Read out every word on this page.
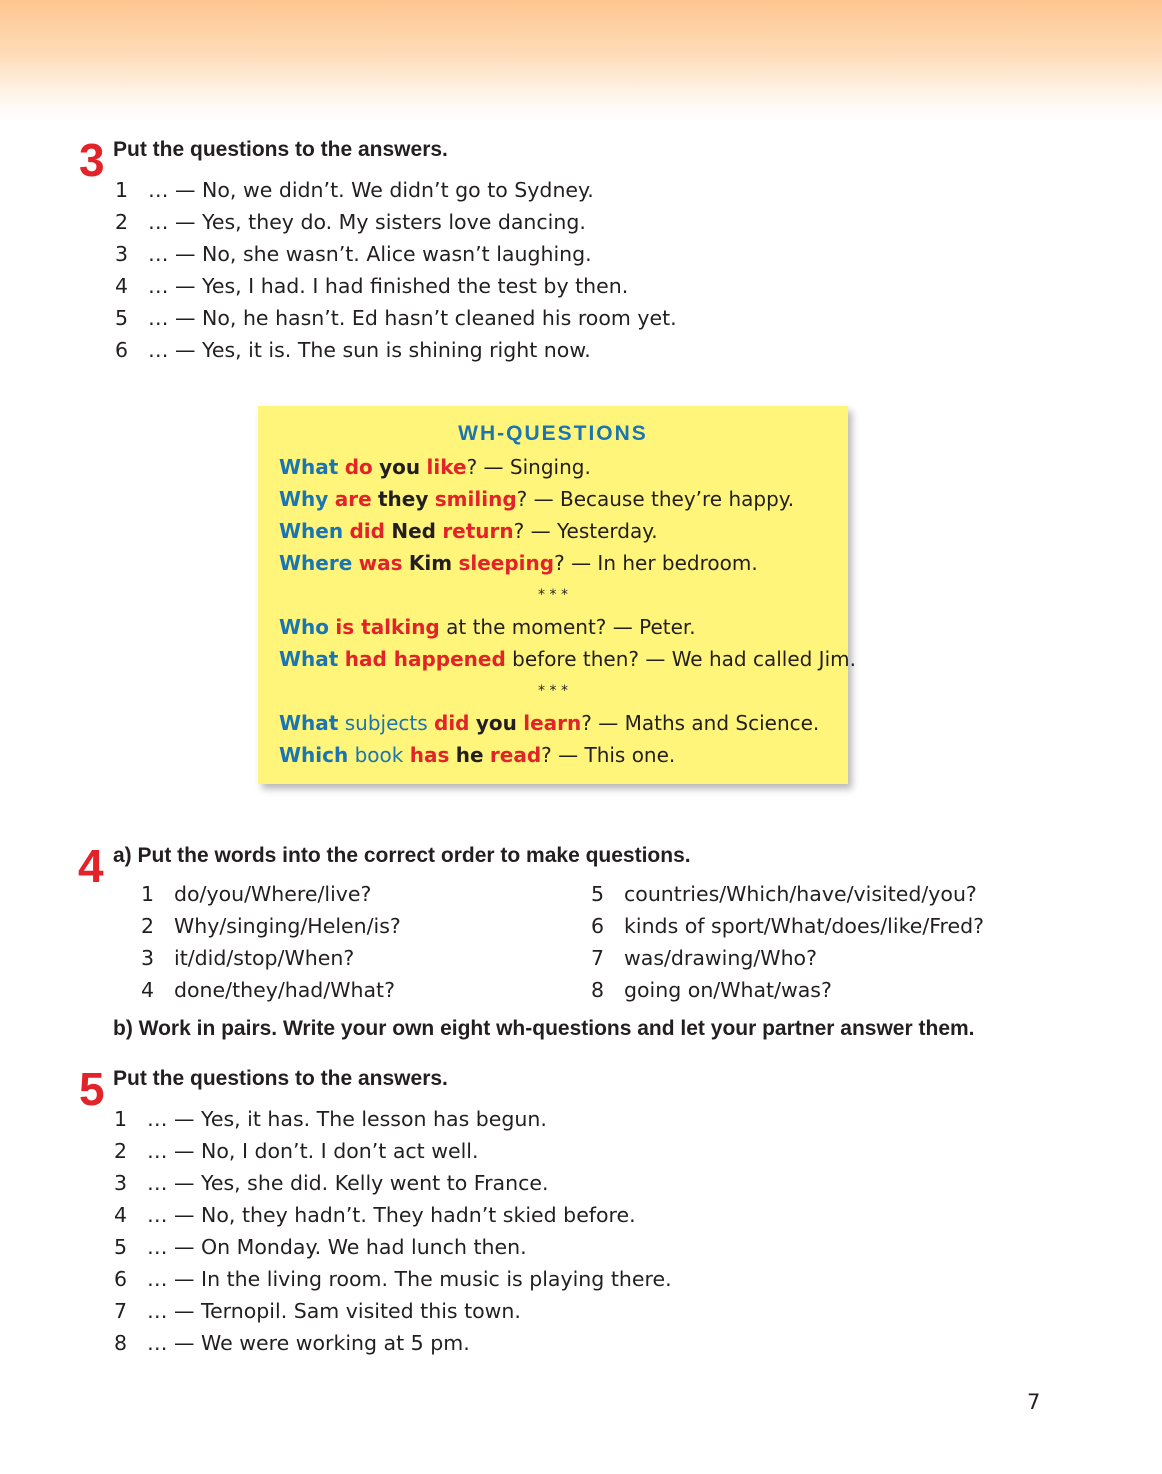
3 Put the questions to the answers.
1 … — No, we didn’t. We didn’t go to Sydney.
2 … — Yes, they do. My sisters love dancing.
3 … — No, she wasn’t. Alice wasn’t laughing.
4 … — Yes, I had. I had finished the test by then.
5 … — No, he hasn’t. Ed hasn’t cleaned his room yet.
6 … — Yes, it is. The sun is shining right now.
WH-QUESTIONS
What do you like? — Singing.
Why are they smiling? — Because they’re happy.
When did Ned return? — Yesterday.
Where was Kim sleeping? — In her bedroom.
* * *
Who is talking at the moment? — Peter.
What had happened before then? — We had called Jim.
* * *
What subjects did you learn? — Maths and Science.
Which book has he read? — This one.
4 a) Put the words into the correct order to make questions.
1 do/you/Where/live?
2 Why/singing/Helen/is?
3 it/did/stop/When?
4 done/they/had/What?
5 countries/Which/have/visited/you?
6 kinds of sport/What/does/like/Fred?
7 was/drawing/Who?
8 going on/What/was?
b) Work in pairs. Write your own eight wh-questions and let your partner answer them.
5 Put the questions to the answers.
1 … — Yes, it has. The lesson has begun.
2 … — No, I don’t. I don’t act well.
3 … — Yes, she did. Kelly went to France.
4 … — No, they hadn’t. They hadn’t skied before.
5 … — On Monday. We had lunch then.
6 … — In the living room. The music is playing there.
7 … — Ternopil. Sam visited this town.
8 … — We were working at 5 pm.
7
